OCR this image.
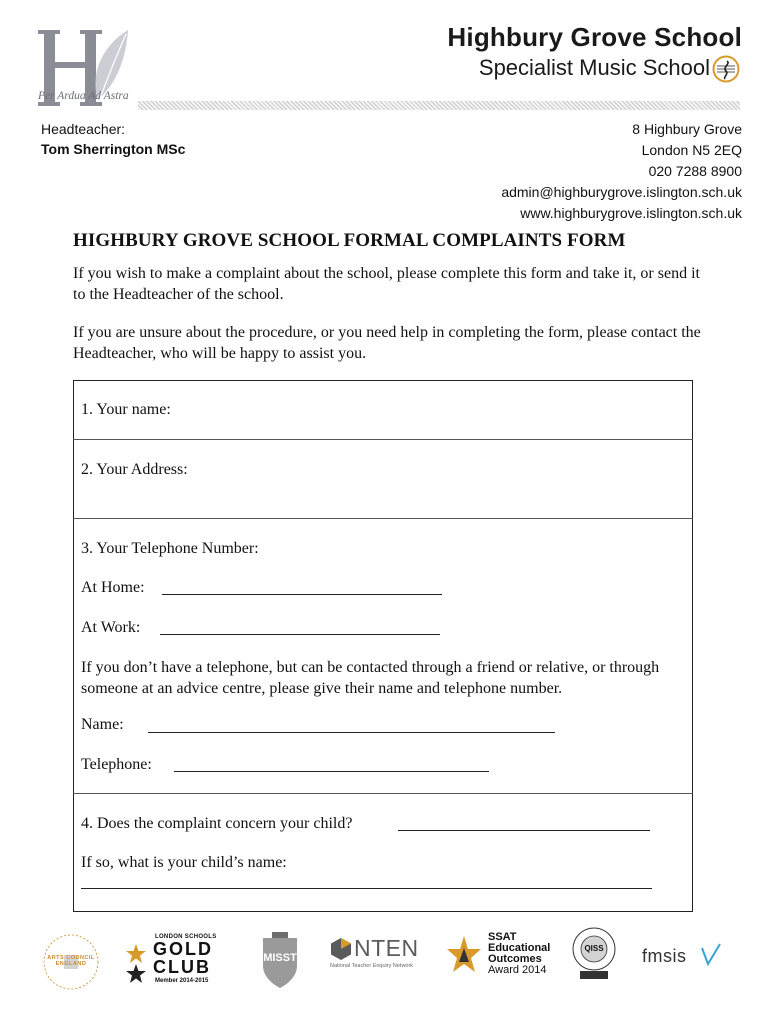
Per Ardua Ad Astra
Highbury Grove School
Specialist Music School
Headteacher:
Tom Sherrington MSc
8 Highbury Grove
London N5 2EQ
020 7288 8900
admin@highburygrove.islington.sch.uk
www.highburygrove.islington.sch.uk
HIGHBURY GROVE SCHOOL FORMAL COMPLAINTS FORM
If you wish to make a complaint about the school, please complete this form and take it, or send it to the Headteacher of the school.
If you are unsure about the procedure, or you need help in completing the form, please contact the Headteacher, who will be happy to assist you.
1. Your name:
2. Your Address:
3. Your Telephone Number:
At Home:
At Work:
If you don’t have a telephone, but can be contacted through a friend or relative, or through someone at an advice centre, please give their name and telephone number.
Name:
Telephone:
4. Does the complaint concern your child?
If so, what is your child’s name:
ARTS COUNCIL ENGLAND
LONDON SCHOOLS
GOLD
CLUB
Member 2014-2015
MISST	NTEN
National Teacher Enquiry Network
SSAT
Educational
Outcomes
Award 2014
QISS	fmsis
